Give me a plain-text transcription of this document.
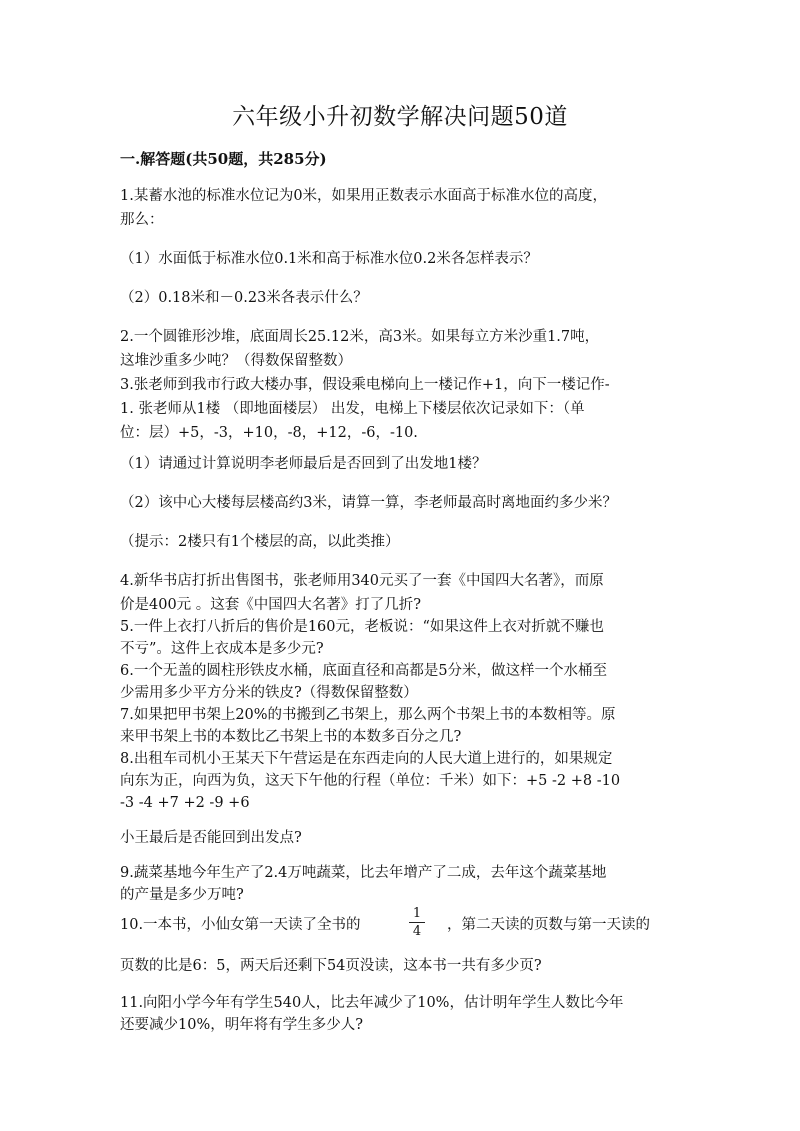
六年级小升初数学解决问题50道
一.解答题(共50题，共285分)
1.某蓄水池的标准水位记为0米，如果用正数表示水面高于标准水位的高度，
那么：
（1）水面低于标准水位0.1米和高于标准水位0.2米各怎样表示？
（2）0.18米和－0.23米各表示什么？
2.一个圆锥形沙堆，底面周长25.12米，高3米。如果每立方米沙重1.7吨，
这堆沙重多少吨？（得数保留整数）
3.张老师到我市行政大楼办事，假设乘电梯向上一楼记作+1，向下一楼记作-
1. 张老师从1楼 （即地面楼层） 出发，电梯上下楼层依次记录如下：（单
位：层）+5，-3，+10，-8，+12，-6，-10.
（1）请通过计算说明李老师最后是否回到了出发地1楼？
（2）该中心大楼每层楼高约3米，请算一算，李老师最高时离地面约多少米？
（提示：2楼只有1个楼层的高，以此类推）
4.新华书店打折出售图书，张老师用340元买了一套《中国四大名著》，而原
价是400元 。这套《中国四大名著》打了几折?
5.一件上衣打八折后的售价是160元，老板说：“如果这件上衣对折就不赚也
不亏”。这件上衣成本是多少元?
6.一个无盖的圆柱形铁皮水桶，底面直径和高都是5分米，做这样一个水桶至
少需用多少平方分米的铁皮?（得数保留整数）
7.如果把甲书架上20%的书搬到乙书架上，那么两个书架上书的本数相等。原
来甲书架上书的本数比乙书架上书的本数多百分之几?
8.出租车司机小王某天下午营运是在东西走向的人民大道上进行的，如果规定
向东为正，向西为负，这天下午他的行程（单位：千米）如下：+5 -2 +8 -10
-3 -4 +7 +2 -9 +6
小王最后是否能回到出发点?
9.蔬菜基地今年生产了2.4万吨蔬菜，比去年增产了二成，去年这个蔬菜基地
的产量是多少万吨?
10.一本书，小仙女第一天读了全书的
1
4	，第二天读的页数与第一天读的
页数的比是6：5，两天后还剩下54页没读，这本书一共有多少页?
11.向阳小学今年有学生540人，比去年减少了10%，估计明年学生人数比今年
还要减少10%，明年将有学生多少人?
